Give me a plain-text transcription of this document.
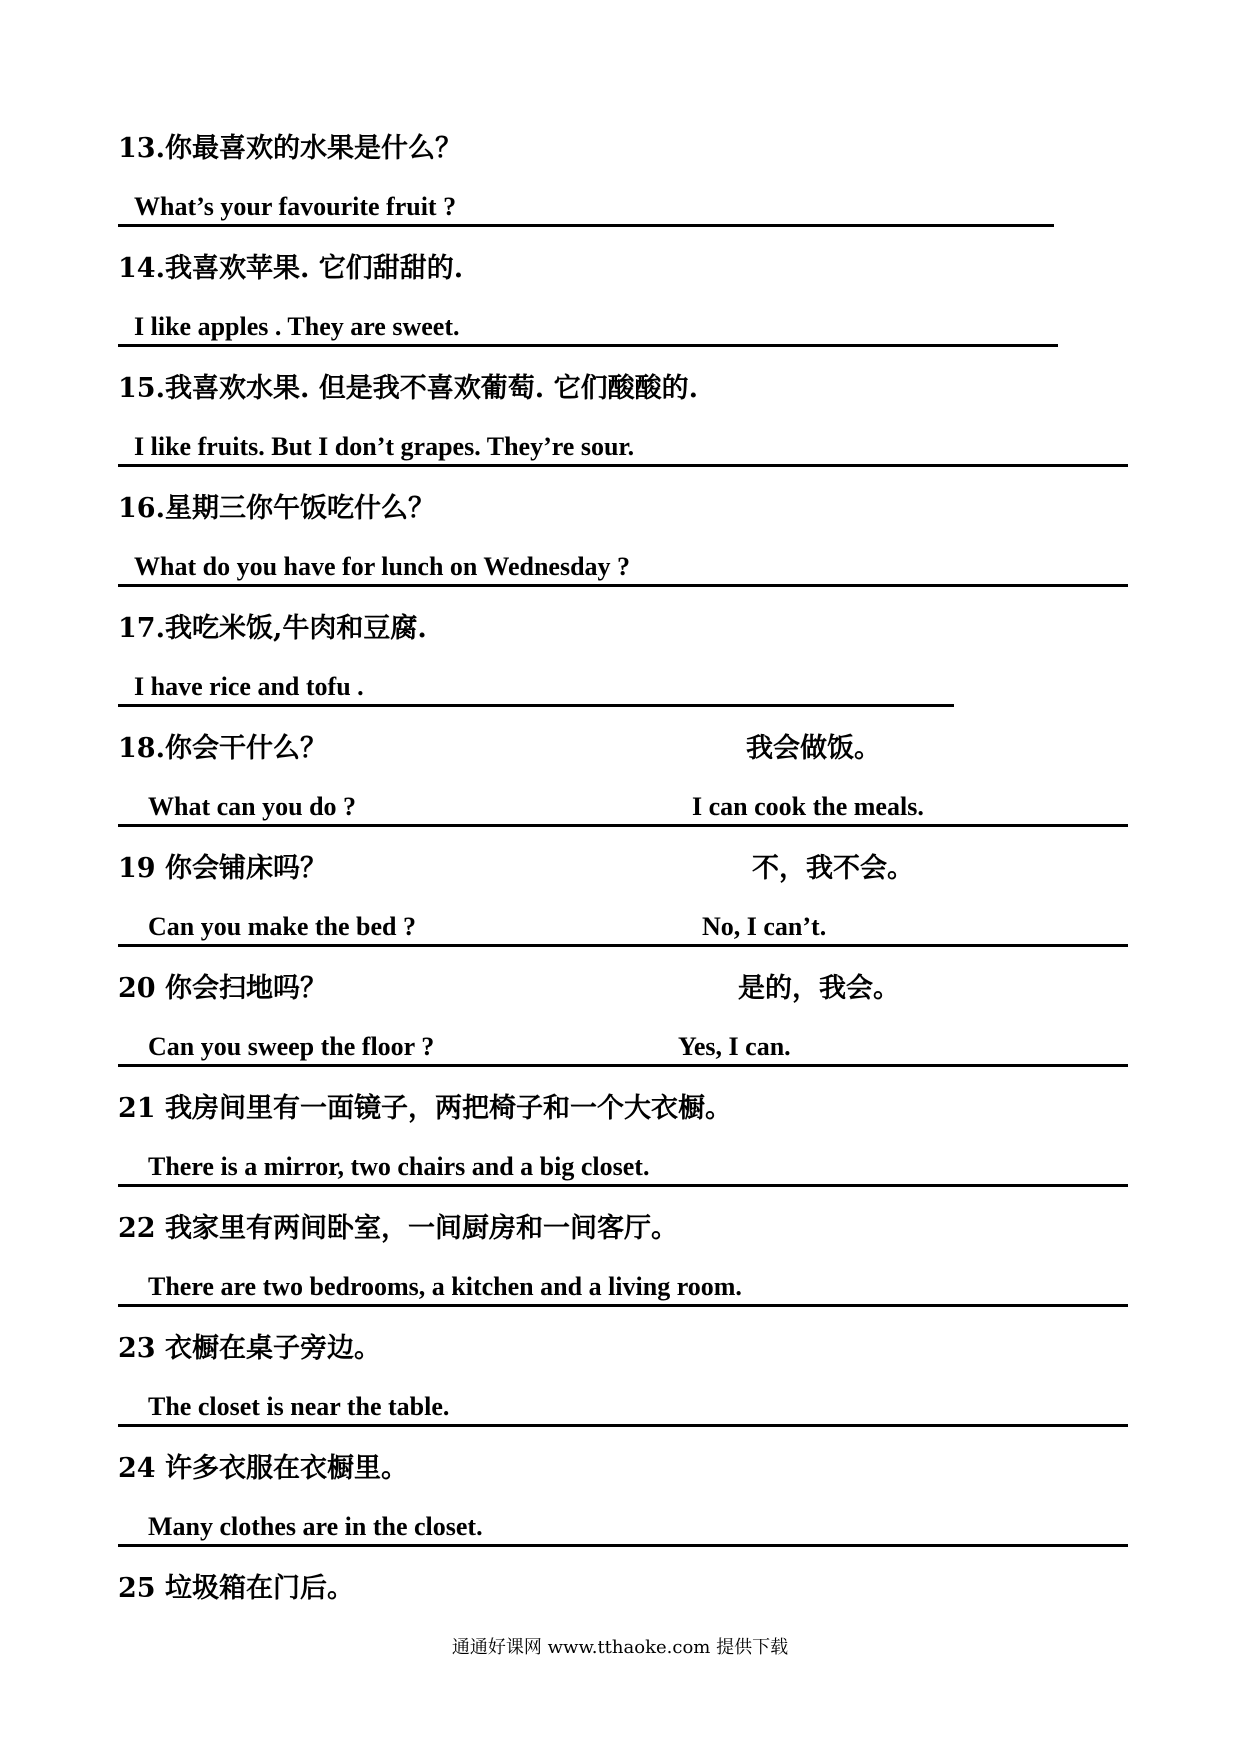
13.你最喜欢的水果是什么？
What’s your favourite fruit ?
14.我喜欢苹果. 它们甜甜的.
I like apples . They are sweet.
15.我喜欢水果. 但是我不喜欢葡萄. 它们酸酸的.
I like fruits. But I don’t grapes. They’re sour.
16.星期三你午饭吃什么？
What do you have for lunch on Wednesday ?
17.我吃米饭,牛肉和豆腐.
I have rice and tofu .
18.你会干什么？	我会做饭。
What can you do ?	I can cook the meals.
19 你会铺床吗？	不，我不会。
Can you make the bed ?	No, I can’t.
20 你会扫地吗？	是的，我会。
Can you sweep the floor ?	Yes, I can.
21 我房间里有一面镜子，两把椅子和一个大衣橱。
There is a mirror, two chairs and a big closet.
22 我家里有两间卧室，一间厨房和一间客厅。
There are two bedrooms, a kitchen and a living room.
23 衣橱在桌子旁边。
The closet is near the table.
24 许多衣服在衣橱里。
Many clothes are in the closet.
25 垃圾箱在门后。
通通好课网 www.tthaoke.com 提供下载
